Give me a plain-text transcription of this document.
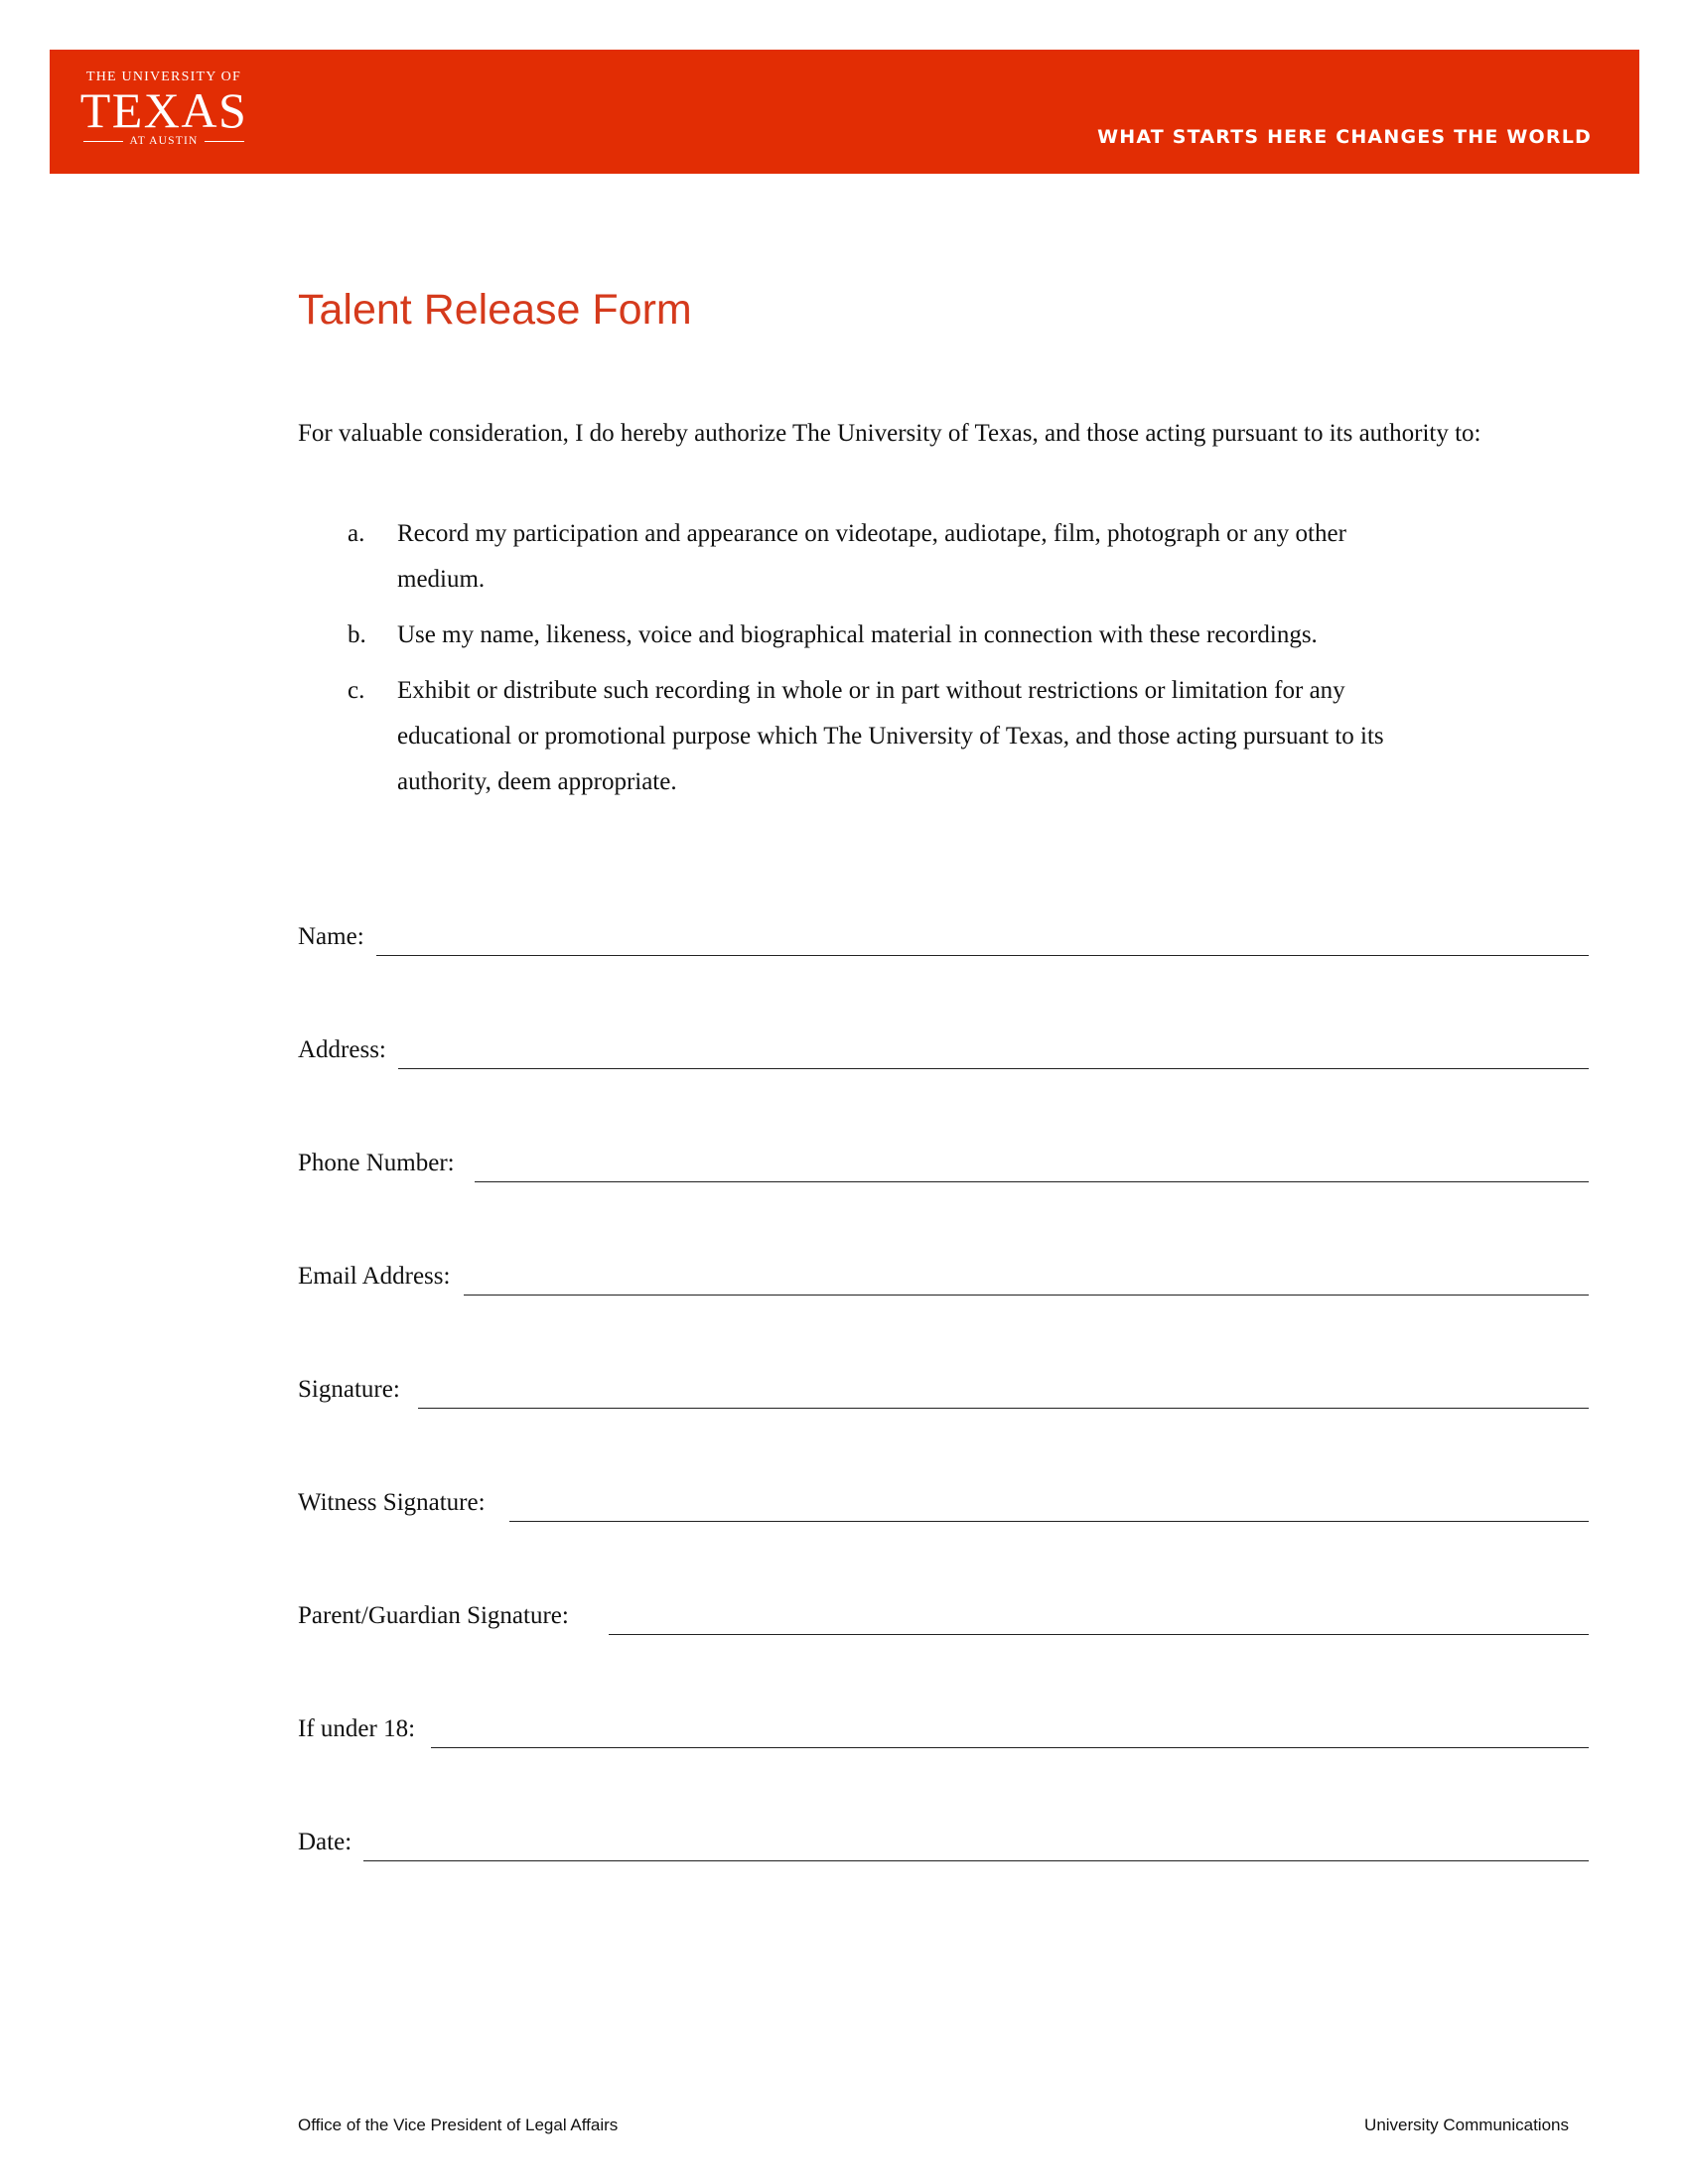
THE UNIVERSITY OF
TEXAS
AT AUSTIN	WHAT STARTS HERE CHANGES THE WORLD
Talent Release Form

For valuable consideration, I do hereby authorize The University of Texas, and those acting pursuant to its authority to:

a.	Record my participation and appearance on videotape, audiotape, film, photograph or any other medium.
b.	Use my name, likeness, voice and biographical material in connection with these recordings.
c.	Exhibit or distribute such recording in whole or in part without restrictions or limitation for any educational or promotional purpose which The University of Texas, and those acting pursuant to its authority, deem appropriate.
Name:
Address:
Phone Number:
Email Address:
Signature:
Witness Signature:
Parent/Guardian Signature:
If under 18:
Date:
Office of the Vice President of Legal Affairs	University Communications
